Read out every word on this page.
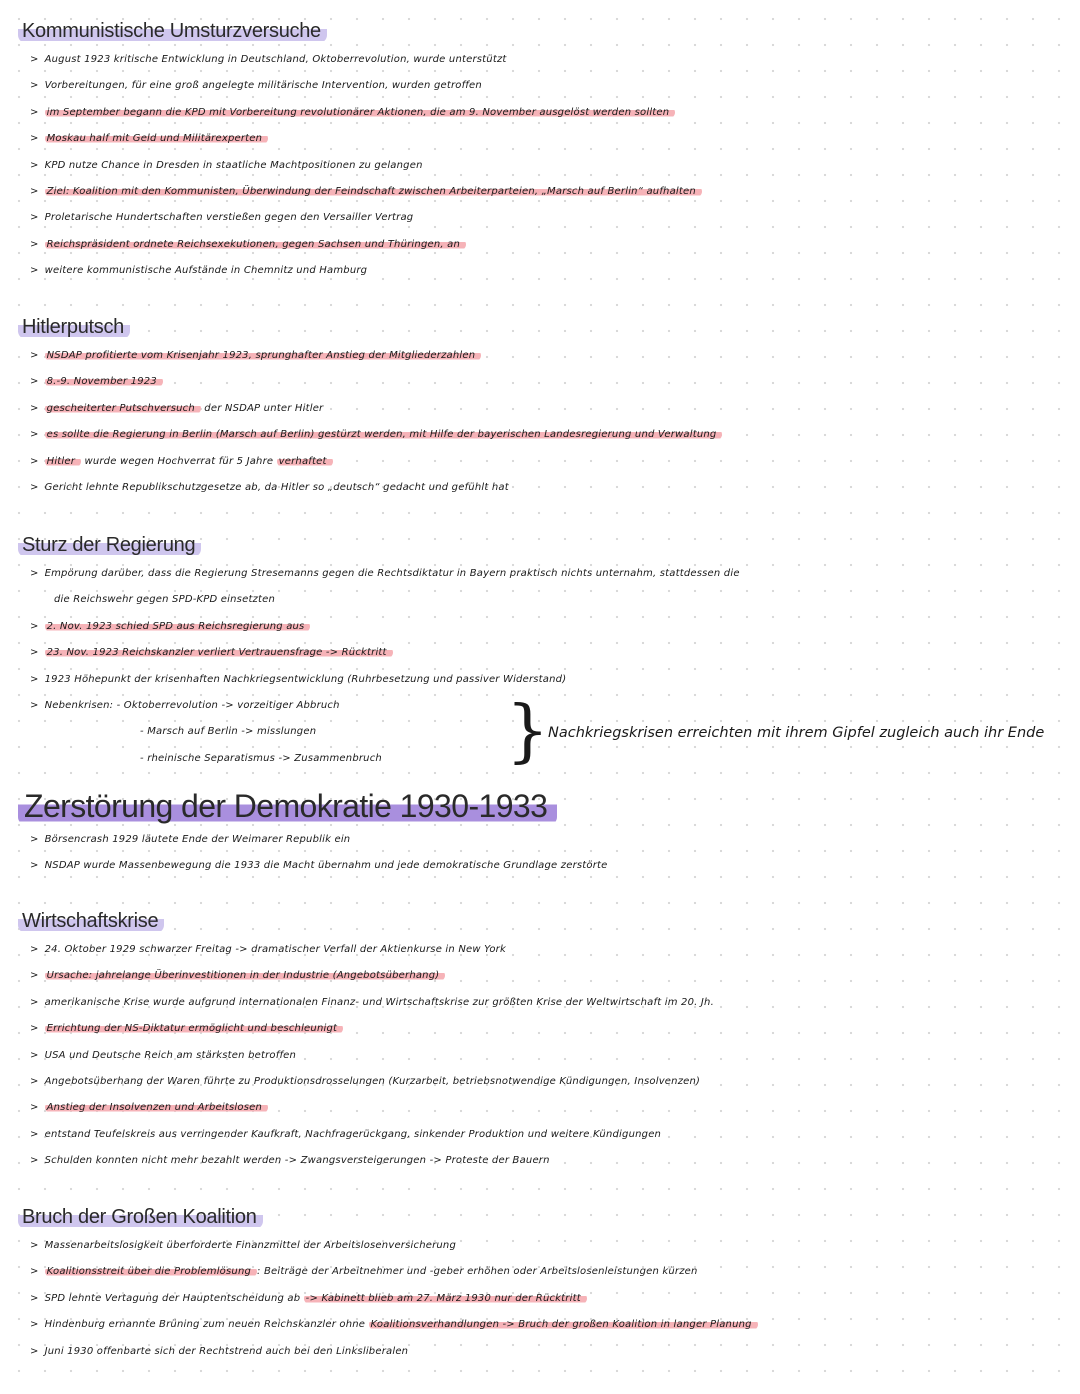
Kommunistische Umsturzversuche
> August 1923 kritische Entwicklung in Deutschland, Oktoberrevolution, wurde unterstützt
> Vorbereitungen, für eine groß angelegte militärische Intervention, wurden getroffen
> im September begann die KPD mit Vorbereitung revolutionärer Aktionen, die am 9. November ausgelöst werden sollten
> Moskau half mit Geld und Militärexperten
> KPD nutze Chance in Dresden in staatliche Machtpositionen zu gelangen
> Ziel: Koalition mit den Kommunisten, Überwindung der Feindschaft zwischen Arbeiterparteien, „Marsch auf Berlin“ aufhalten
> Proletarische Hundertschaften verstießen gegen den Versailler Vertrag
> Reichspräsident ordnete Reichsexekutionen, gegen Sachsen und Thüringen, an
> weitere kommunistische Aufstände in Chemnitz und Hamburg
Hitlerputsch
> NSDAP profitierte vom Krisenjahr 1923, sprunghafter Anstieg der Mitgliederzahlen
> 8.-9. November 1923
> gescheiterter Putschversuch der NSDAP unter Hitler
> es sollte die Regierung in Berlin (Marsch auf Berlin) gestürzt werden, mit Hilfe der bayerischen Landesregierung und Verwaltung
> Hitler wurde wegen Hochverrat für 5 Jahre verhaftet
> Gericht lehnte Republikschutzgesetze ab, da Hitler so „deutsch“ gedacht und gefühlt hat
Sturz der Regierung
> Empörung darüber, dass die Regierung Stresemanns gegen die Rechtsdiktatur in Bayern praktisch nichts unternahm, stattdessen die
die Reichswehr gegen SPD-KPD einsetzten
> 2. Nov. 1923 schied SPD aus Reichsregierung aus
> 23. Nov. 1923 Reichskanzler verliert Vertrauensfrage -> Rücktritt
> 1923 Höhepunkt der krisenhaften Nachkriegsentwicklung (Ruhrbesetzung und passiver Widerstand)
> Nebenkrisen: - Oktoberrevolution -> vorzeitiger Abbruch
- Marsch auf Berlin -> misslungen
- rheinische Separatismus -> Zusammenbruch	}
Nachkriegskrisen erreichten mit ihrem Gipfel zugleich auch ihr Ende
Zerstörung der Demokratie 1930-1933
> Börsencrash 1929 läutete Ende der Weimarer Republik ein
> NSDAP wurde Massenbewegung die 1933 die Macht übernahm und jede demokratische Grundlage zerstörte
Wirtschaftskrise
> 24. Oktober 1929 schwarzer Freitag -> dramatischer Verfall der Aktienkurse in New York
> Ursache: jahrelange Überinvestitionen in der Industrie (Angebotsüberhang)
> amerikanische Krise wurde aufgrund internationalen Finanz- und Wirtschaftskrise zur größten Krise der Weltwirtschaft im 20. Jh.
> Errichtung der NS-Diktatur ermöglicht und beschleunigt
> USA und Deutsche Reich am stärksten betroffen
> Angebotsüberhang der Waren führte zu Produktionsdrosselungen (Kurzarbeit, betriebsnotwendige Kündigungen, Insolvenzen)
> Anstieg der Insolvenzen und Arbeitslosen
> entstand Teufelskreis aus verringender Kaufkraft, Nachfragerückgang, sinkender Produktion und weitere Kündigungen
> Schulden konnten nicht mehr bezahlt werden -> Zwangsversteigerungen -> Proteste der Bauern
Bruch der Großen Koalition
> Massenarbeitslosigkeit überforderte Finanzmittel der Arbeitslosenversicherung
> Koalitionsstreit über die Problemlösung : Beiträge der Arbeitnehmer und -geber erhöhen oder Arbeitslosenleistungen kürzen
> SPD lehnte Vertagung der Hauptentscheidung ab -> Kabinett blieb am 27. März 1930 nur der Rücktritt
> Hindenburg ernannte Brüning zum neuen Reichskanzler ohne Koalitionsverhandlungen -> Bruch der großen Koalition in langer Planung
> Juni 1930 offenbarte sich der Rechtstrend auch bei den Linksliberalen
